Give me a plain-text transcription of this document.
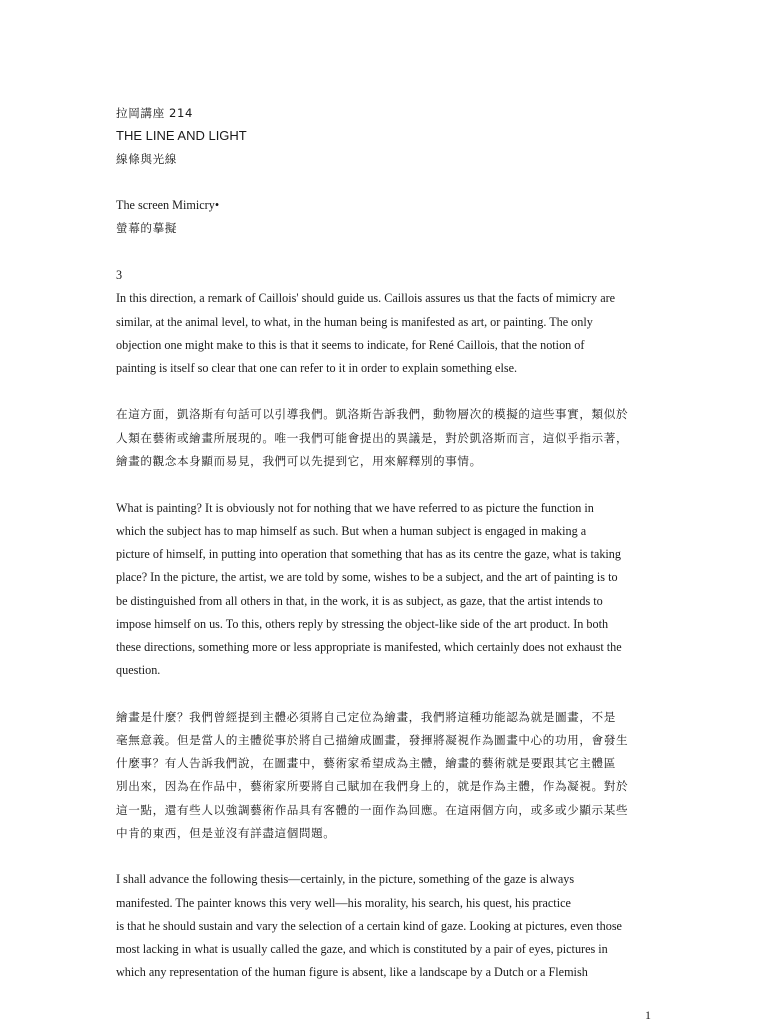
拉岡講座 214
THE LINE AND LIGHT
線條與光線
The screen Mimicry•
螢幕的摹擬
3
In this direction, a remark of Caillois' should guide us. Caillois assures us that the facts of mimicry are
similar, at the animal level, to what, in the human being is manifested as art, or painting. The only
objection one might make to this is that it seems to indicate, for René Caillois, that the notion of
painting is itself so clear that one can refer to it in order to explain something else.
在這方面，凱洛斯有句話可以引導我們。凱洛斯告訴我們，動物層次的模擬的這些事實，類似於
人類在藝術或繪畫所展現的。唯一我們可能會提出的異議是，對於凱洛斯而言，這似乎指示著，
繪畫的觀念本身顯而易見，我們可以先提到它，用來解釋別的事情。
What is painting? It is obviously not for nothing that we have referred to as picture the function in
which the subject has to map himself as such. But when a human subject is engaged in making a
picture of himself, in putting into operation that something that has as its centre the gaze, what is taking
place? In the picture, the artist, we are told by some, wishes to be a subject, and the art of painting is to
be distinguished from all others in that, in the work, it is as subject, as gaze, that the artist intends to
impose himself on us. To this, others reply by stressing the object-like side of the art product. In both
these directions, something more or less appropriate is manifested, which certainly does not exhaust the
question.
繪畫是什麼？我們曾經提到主體必須將自己定位為繪畫，我們將這種功能認為就是圖畫，不是
毫無意義。但是當人的主體從事於將自己描繪成圖畫，發揮將凝視作為圖畫中心的功用，會發生
什麼事？有人告訴我們說，在圖畫中，藝術家希望成為主體，繪畫的藝術就是要跟其它主體區
別出來，因為在作品中，藝術家所要將自己賦加在我們身上的，就是作為主體，作為凝視。對於
這一點，還有些人以強調藝術作品具有客體的一面作為回應。在這兩個方向，或多或少顯示某些
中肯的東西，但是並沒有詳盡這個問題。
I shall advance the following thesis—certainly, in the picture, something of the gaze is always
manifested. The painter knows this very well—his morality, his search, his quest, his practice
is that he should sustain and vary the selection of a certain kind of gaze. Looking at pictures, even those
most lacking in what is usually called the gaze, and which is constituted by a pair of eyes, pictures in
which any representation of the human figure is absent, like a landscape by a Dutch or a Flemish
1
